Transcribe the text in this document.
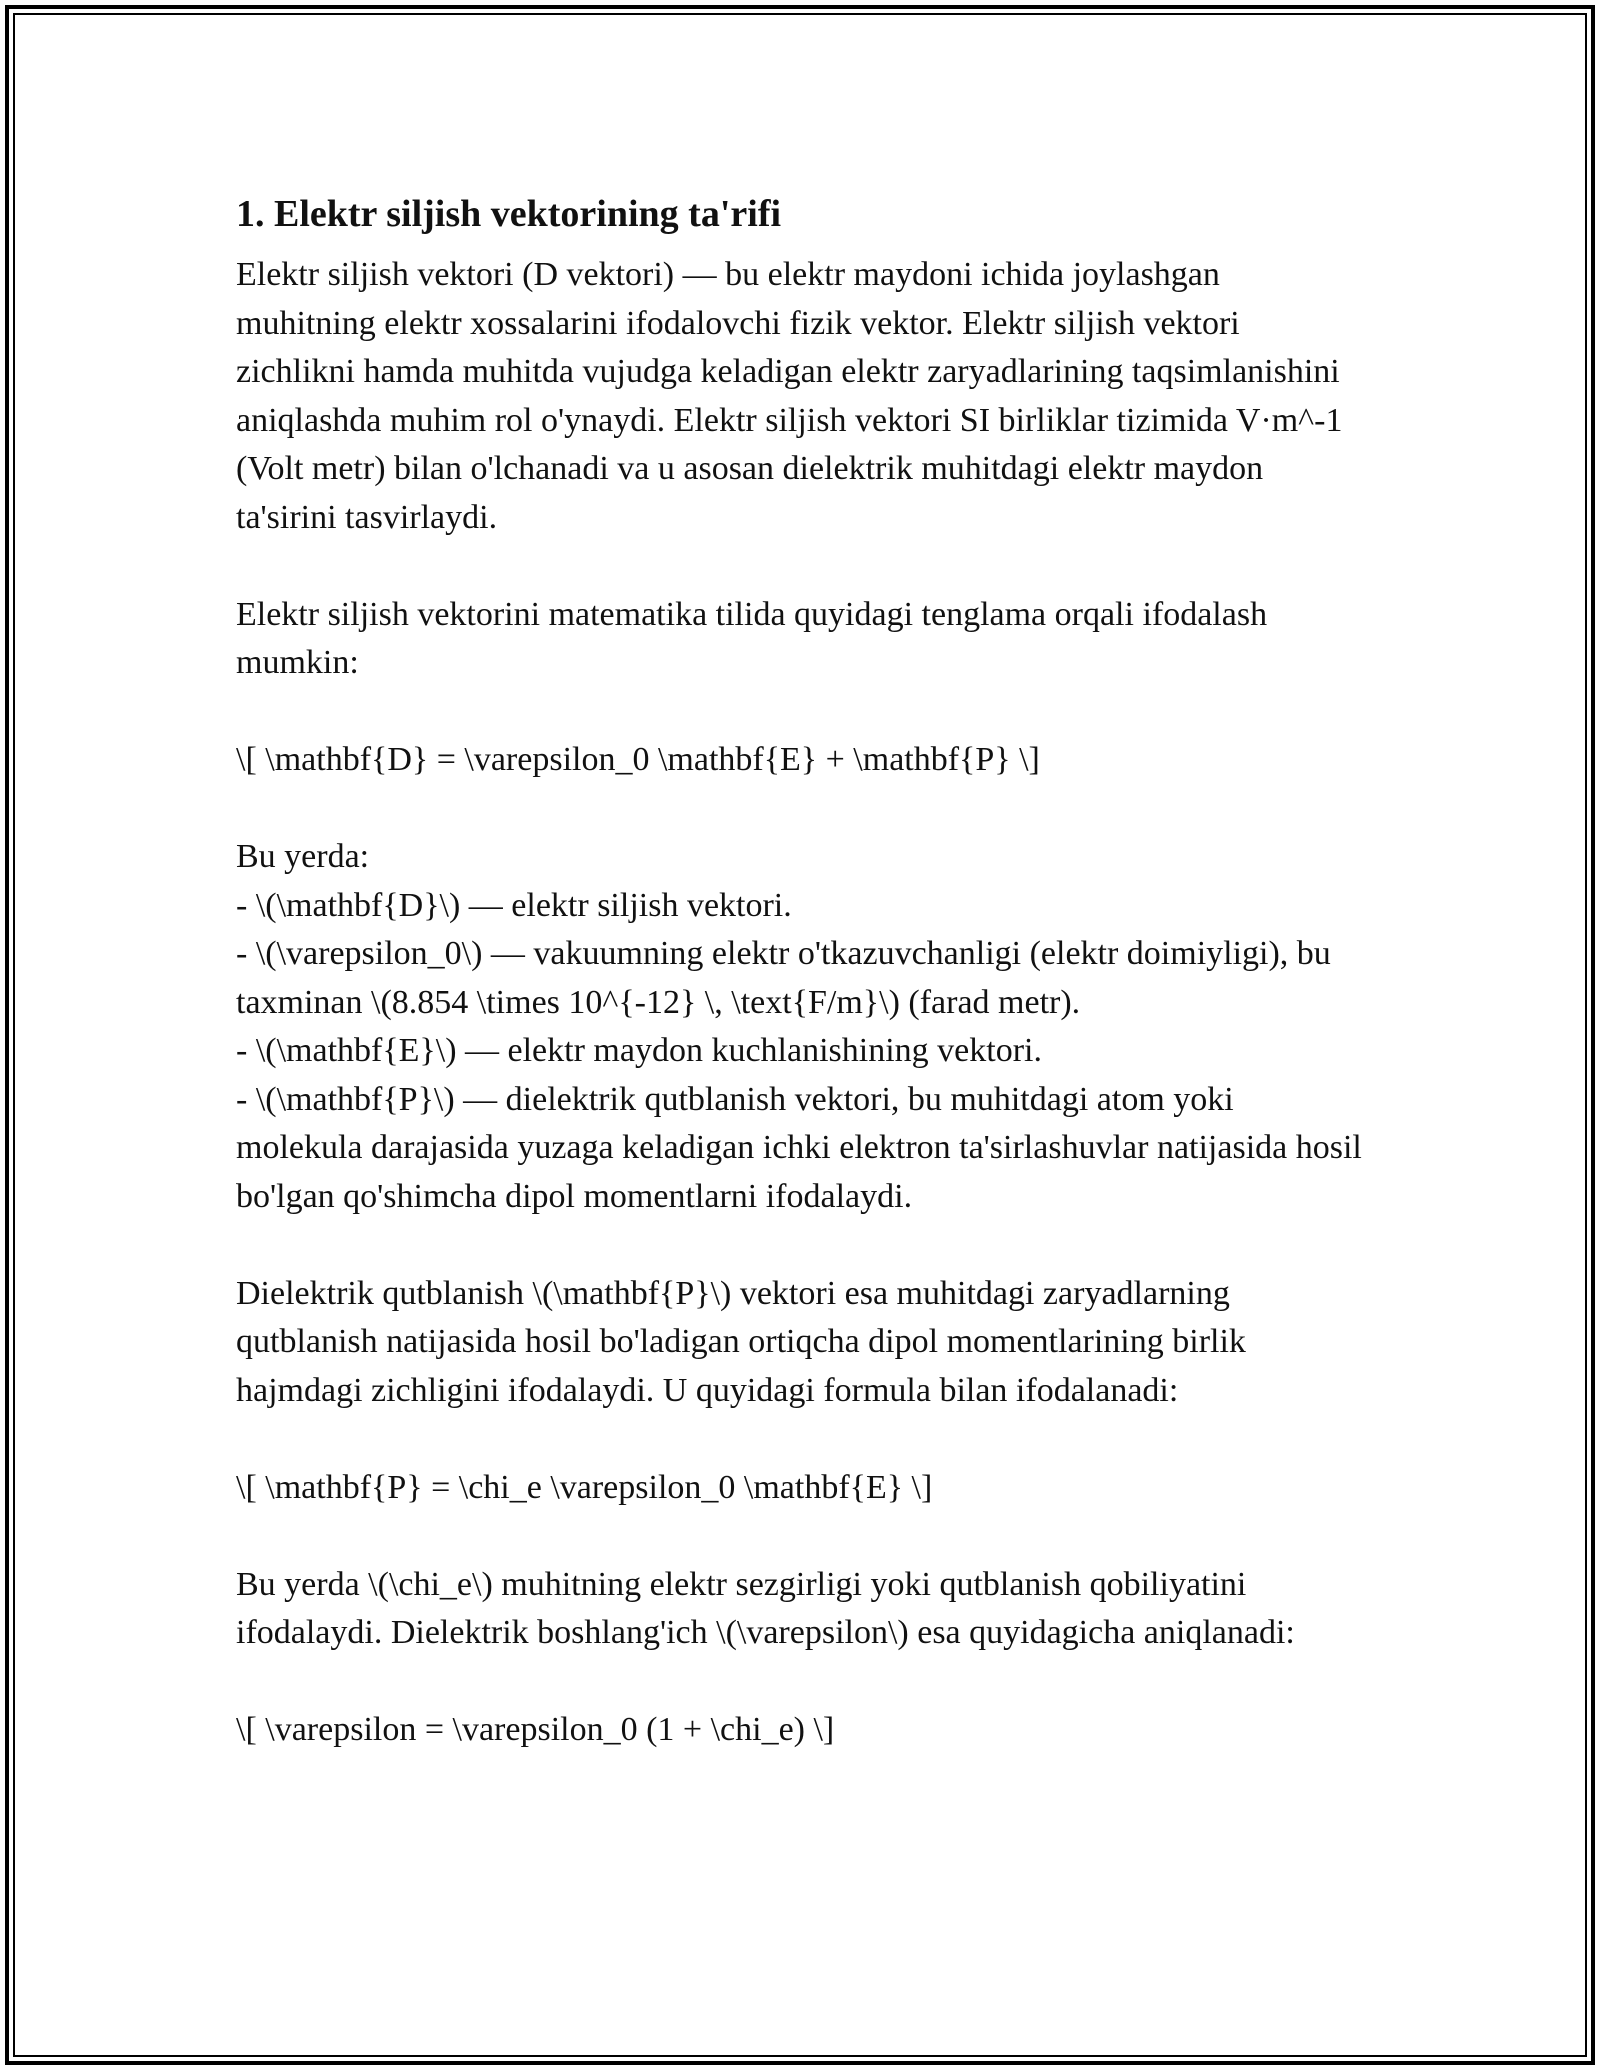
1. Elektr siljish vektorining ta'rifi

Elektr siljish vektori (D vektori) — bu elektr maydoni ichida joylashgan muhitning elektr xossalarini ifodalovchi fizik vektor. Elektr siljish vektori zichlikni hamda muhitda vujudga keladigan elektr zaryadlarining taqsimlanishini aniqlashda muhim rol o'ynaydi. Elektr siljish vektori SI birliklar tizimida V·m^-1 (Volt metr) bilan o'lchanadi va u asosan dielektrik muhitdagi elektr maydon ta'sirini tasvirlaydi.

Elektr siljish vektorini matematika tilida quyidagi tenglama orqali ifodalash mumkin:

\[ \mathbf{D} = \varepsilon_0 \mathbf{E} + \mathbf{P} \]

Bu yerda:

- \(\mathbf{D}\) — elektr siljish vektori.
- \(\varepsilon_0\) — vakuumning elektr o'tkazuvchanligi (elektr doimiyligi), bu taxminan \(8.854 \times 10^{-12} \, \text{F/m}\) (farad metr).
- \(\mathbf{E}\) — elektr maydon kuchlanishining vektori.
- \(\mathbf{P}\) — dielektrik qutblanish vektori, bu muhitdagi atom yoki molekula darajasida yuzaga keladigan ichki elektron ta'sirlashuvlar natijasida hosil bo'lgan qo'shimcha dipol momentlarni ifodalaydi.

Dielektrik qutblanish \(\mathbf{P}\) vektori esa muhitdagi zaryadlarning qutblanish natijasida hosil bo'ladigan ortiqcha dipol momentlarining birlik hajmdagi zichligini ifodalaydi. U quyidagi formula bilan ifodalanadi:

\[ \mathbf{P} = \chi_e \varepsilon_0 \mathbf{E} \]

Bu yerda \(\chi_e\) muhitning elektr sezgirligi yoki qutblanish qobiliyatini ifodalaydi. Dielektrik boshlang'ich \(\varepsilon\) esa quyidagicha aniqlanadi:

\[ \varepsilon = \varepsilon_0 (1 + \chi_e) \]
